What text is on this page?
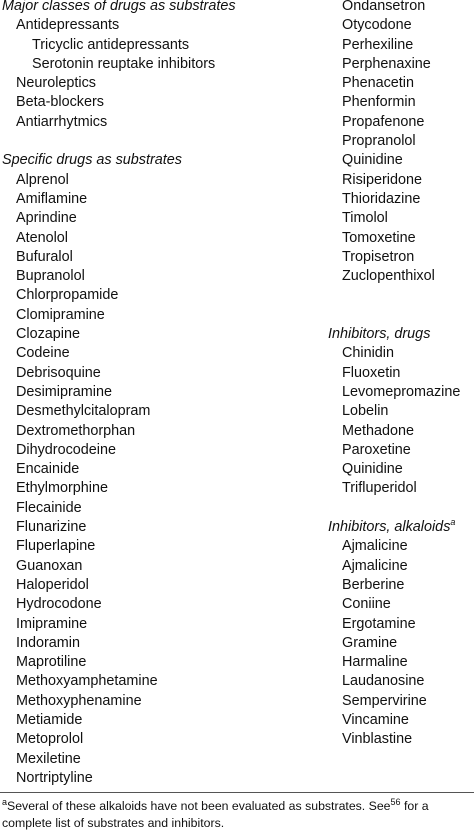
Major classes of drugs as substrates
Antidepressants
Tricyclic antidepressants
Serotonin reuptake inhibitors
Neuroleptics
Beta-blockers
Antiarrhytmics
Specific drugs as substrates
Alprenol
Amiflamine
Aprindine
Atenolol
Bufuralol
Bupranolol
Chlorpropamide
Clomipramine
Clozapine
Codeine
Debrisoquine
Desimipramine
Desmethylcitalopram
Dextromethorphan
Dihydrocodeine
Encainide
Ethylmorphine
Flecainide
Flunarizine
Fluperlapine
Guanoxan
Haloperidol
Hydrocodone
Imipramine
Indoramin
Maprotiline
Methoxyamphetamine
Methoxyphenamine
Metiamide
Metoprolol
Mexiletine
Nortriptyline
Ondansetron
Otycodone
Perhexiline
Perphenaxine
Phenacetin
Phenformin
Propafenone
Propranolol
Quinidine
Risiperidone
Thioridazine
Timolol
Tomoxetine
Tropisetron
Zuclopenthixol
Inhibitors, drugs
Chinidin
Fluoxetin
Levomepromazine
Lobelin
Methadone
Paroxetine
Quinidine
Trifluperidol
Inhibitors, alkaloids$^a$
Ajmalicine
Ajmalicine
Berberine
Coniine
Ergotamine
Gramine
Harmaline
Laudanosine
Sempervirine
Vincamine
Vinblastine
$^a$Several of these alkaloids have not been evaluated as substrates. See$^{56}$ for a complete list of substrates and inhibitors.
